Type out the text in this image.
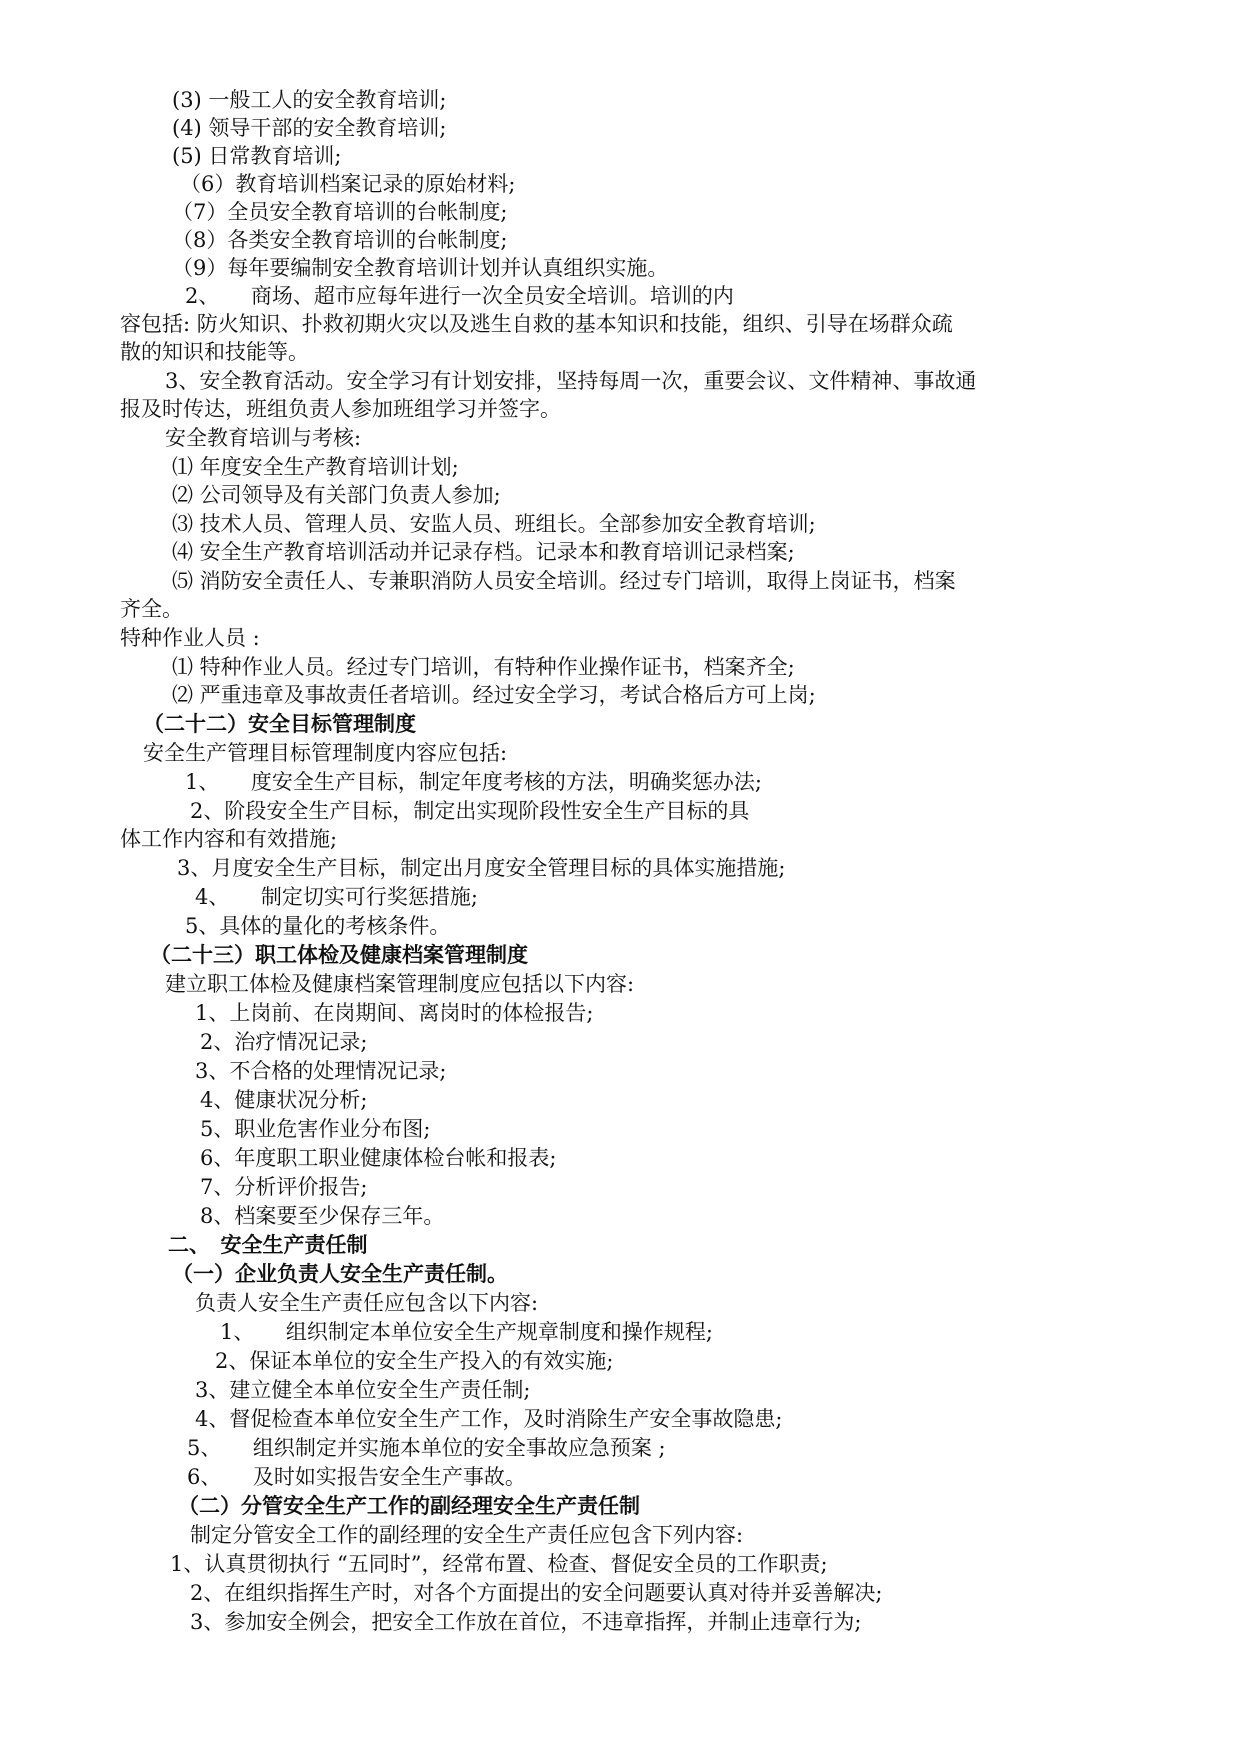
(3) 一般工人的安全教育培训;

(4) 领导干部的安全教育培训;

(5) 日常教育培训;

（6）教育培训档案记录的原始材料;

（7）全员安全教育培训的台帐制度;

（8）各类安全教育培训的台帐制度;

（9）每年要编制安全教育培训计划并认真组织实施。

2、　　商场、超市应每年进行一次全员安全培训。培训的内

容包括: 防火知识、扑救初期火灾以及逃生自救的基本知识和技能，组织、引导在场群众疏

散的知识和技能等。

3、安全教育活动。安全学习有计划安排，坚持每周一次，重要会议、文件精神、事故通

报及时传达，班组负责人参加班组学习并签字。

安全教育培训与考核:

⑴ 年度安全生产教育培训计划;

⑵ 公司领导及有关部门负责人参加;

⑶ 技术人员、管理人员、安监人员、班组长。全部参加安全教育培训;

⑷ 安全生产教育培训活动并记录存档。记录本和教育培训记录档案;

⑸ 消防安全责任人、专兼职消防人员安全培训。经过专门培训，取得上岗证书，档案

齐全。

特种作业人员 :

⑴ 特种作业人员。经过专门培训，有特种作业操作证书，档案齐全;

⑵ 严重违章及事故责任者培训。经过安全学习，考试合格后方可上岗;

（二十二）安全目标管理制度

安全生产管理目标管理制度内容应包括:

1、　　度安全生产目标，制定年度考核的方法，明确奖惩办法;

2、阶段安全生产目标，制定出实现阶段性安全生产目标的具

体工作内容和有效措施;

3、月度安全生产目标，制定出月度安全管理目标的具体实施措施;

4、　　制定切实可行奖惩措施;

5、具体的量化的考核条件。

（二十三）职工体检及健康档案管理制度

建立职工体检及健康档案管理制度应包括以下内容:

1、上岗前、在岗期间、离岗时的体检报告;

2、治疗情况记录;

3、不合格的处理情况记录;

4、健康状况分析;

5、职业危害作业分布图;

6、年度职工职业健康体检台帐和报表;

7、分析评价报告;

8、档案要至少保存三年。

二、　安全生产责任制

（一）企业负责人安全生产责任制。

负责人安全生产责任应包含以下内容:

1、　　组织制定本单位安全生产规章制度和操作规程;

2、保证本单位的安全生产投入的有效实施;

3、建立健全本单位安全生产责任制;

4、督促检查本单位安全生产工作，及时消除生产安全事故隐患;

5、　　组织制定并实施本单位的安全事故应急预案 ;

6、　　及时如实报告安全生产事故。

（二）分管安全生产工作的副经理安全生产责任制

制定分管安全工作的副经理的安全生产责任应包含下列内容:

1、认真贯彻执行 “五同时”，经常布置、检查、督促安全员的工作职责;

2、在组织指挥生产时，对各个方面提出的安全问题要认真对待并妥善解决;

3、参加安全例会，把安全工作放在首位，不违章指挥，并制止违章行为;
